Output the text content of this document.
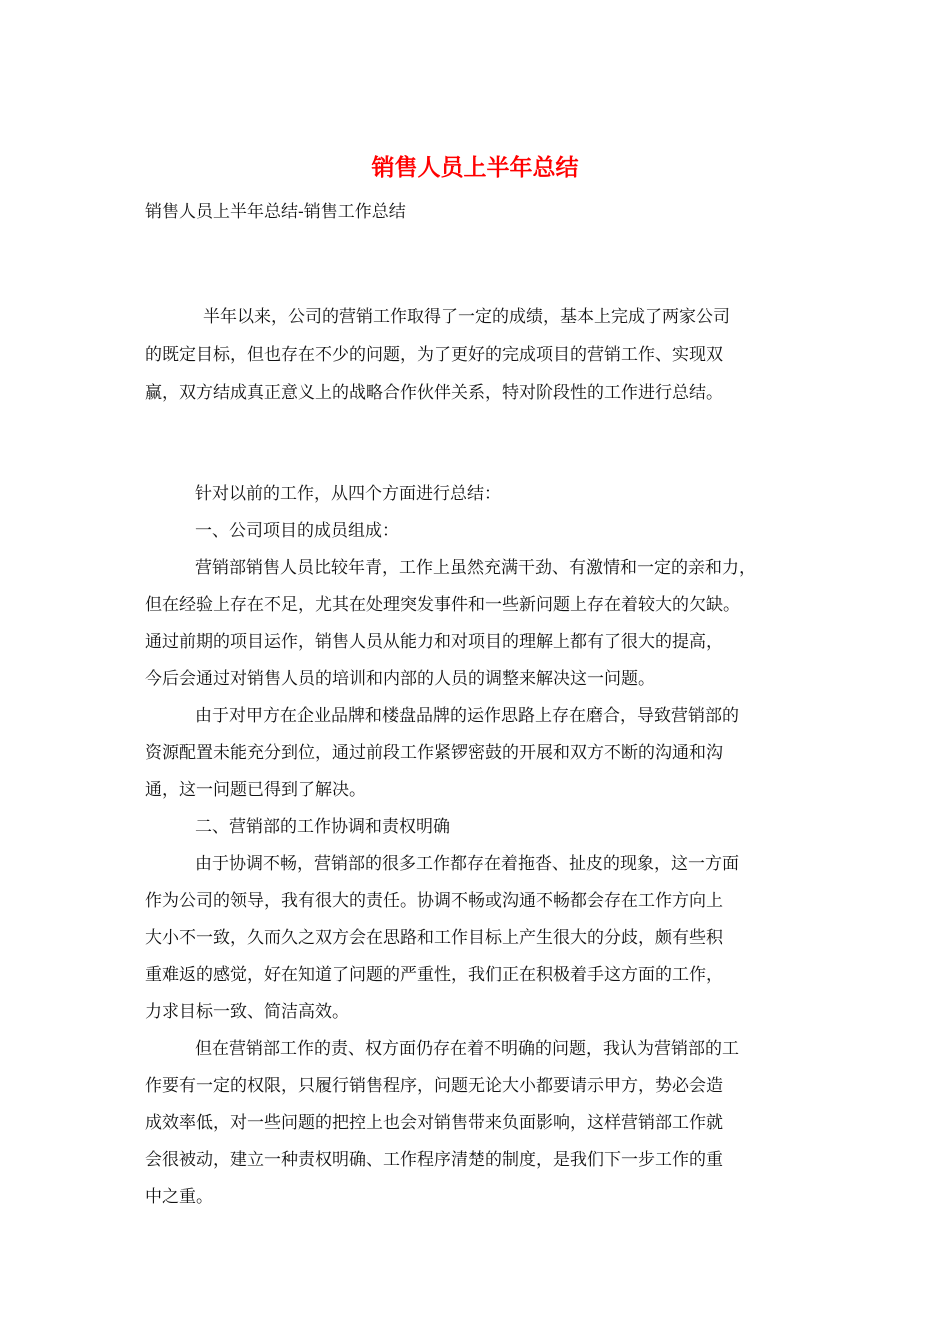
销售人员上半年总结

销售人员上半年总结-销售工作总结

半年以来，公司的营销工作取得了一定的成绩，基本上完成了两家公司
的既定目标，但也存在不少的问题，为了更好的完成项目的营销工作、实现双
赢，双方结成真正意义上的战略合作伙伴关系，特对阶段性的工作进行总结。
针对以前的工作，从四个方面进行总结：
一、公司项目的成员组成：
营销部销售人员比较年青，工作上虽然充满干劲、有激情和一定的亲和力，
但在经验上存在不足，尤其在处理突发事件和一些新问题上存在着较大的欠缺。
通过前期的项目运作，销售人员从能力和对项目的理解上都有了很大的提高，
今后会通过对销售人员的培训和内部的人员的调整来解决这一问题。
由于对甲方在企业品牌和楼盘品牌的运作思路上存在磨合，导致营销部的
资源配置未能充分到位，通过前段工作紧锣密鼓的开展和双方不断的沟通和沟
通，这一问题已得到了解决。
二、营销部的工作协调和责权明确
由于协调不畅，营销部的很多工作都存在着拖沓、扯皮的现象，这一方面
作为公司的领导，我有很大的责任。协调不畅或沟通不畅都会存在工作方向上
大小不一致，久而久之双方会在思路和工作目标上产生很大的分歧，颇有些积
重难返的感觉，好在知道了问题的严重性，我们正在积极着手这方面的工作，
力求目标一致、简洁高效。
但在营销部工作的责、权方面仍存在着不明确的问题，我认为营销部的工
作要有一定的权限，只履行销售程序，问题无论大小都要请示甲方，势必会造
成效率低，对一些问题的把控上也会对销售带来负面影响，这样营销部工作就
会很被动，建立一种责权明确、工作程序清楚的制度，是我们下一步工作的重
中之重。
